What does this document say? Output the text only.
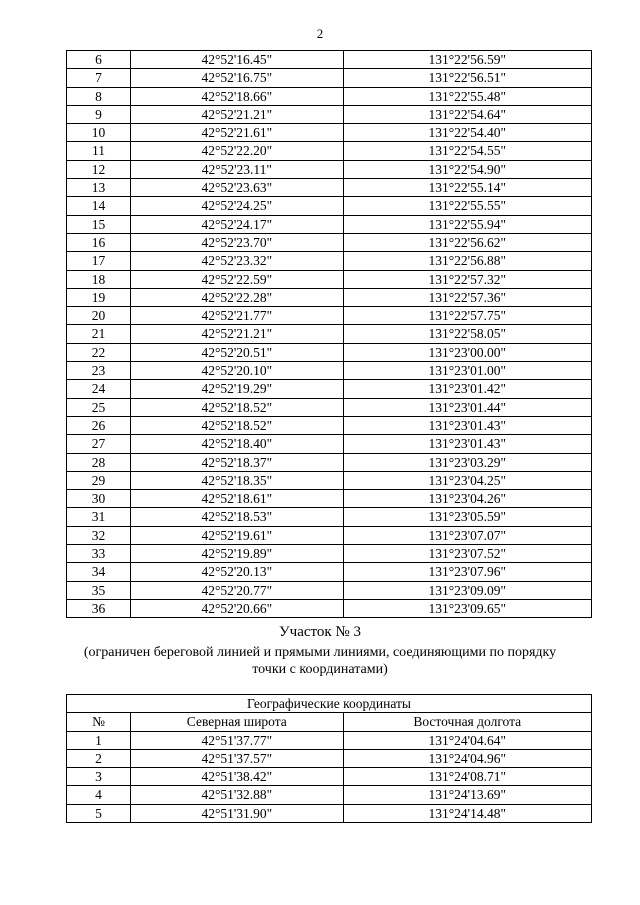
2
6	42°52'16.45"	131°22'56.59"
7	42°52'16.75"	131°22'56.51"
8	42°52'18.66"	131°22'55.48"
9	42°52'21.21"	131°22'54.64"
10	42°52'21.61"	131°22'54.40"
11	42°52'22.20"	131°22'54.55"
12	42°52'23.11"	131°22'54.90"
13	42°52'23.63"	131°22'55.14"
14	42°52'24.25"	131°22'55.55"
15	42°52'24.17"	131°22'55.94"
16	42°52'23.70"	131°22'56.62"
17	42°52'23.32"	131°22'56.88"
18	42°52'22.59"	131°22'57.32"
19	42°52'22.28"	131°22'57.36"
20	42°52'21.77"	131°22'57.75"
21	42°52'21.21"	131°22'58.05"
22	42°52'20.51"	131°23'00.00"
23	42°52'20.10"	131°23'01.00"
24	42°52'19.29"	131°23'01.42"
25	42°52'18.52"	131°23'01.44"
26	42°52'18.52"	131°23'01.43"
27	42°52'18.40"	131°23'01.43"
28	42°52'18.37"	131°23'03.29"
29	42°52'18.35"	131°23'04.25"
30	42°52'18.61"	131°23'04.26"
31	42°52'18.53"	131°23'05.59"
32	42°52'19.61"	131°23'07.07"
33	42°52'19.89"	131°23'07.52"
34	42°52'20.13"	131°23'07.96"
35	42°52'20.77"	131°23'09.09"
36	42°52'20.66"	131°23'09.65"
Участок № 3
(ограничен береговой линией и прямыми линиями, соединяющими по порядку
точки с координатами)
Географические координаты		
№	Северная широта	Восточная долгота
1	42°51'37.77"	131°24'04.64"
2	42°51'37.57"	131°24'04.96"
3	42°51'38.42"	131°24'08.71"
4	42°51'32.88"	131°24'13.69"
5	42°51'31.90"	131°24'14.48"
